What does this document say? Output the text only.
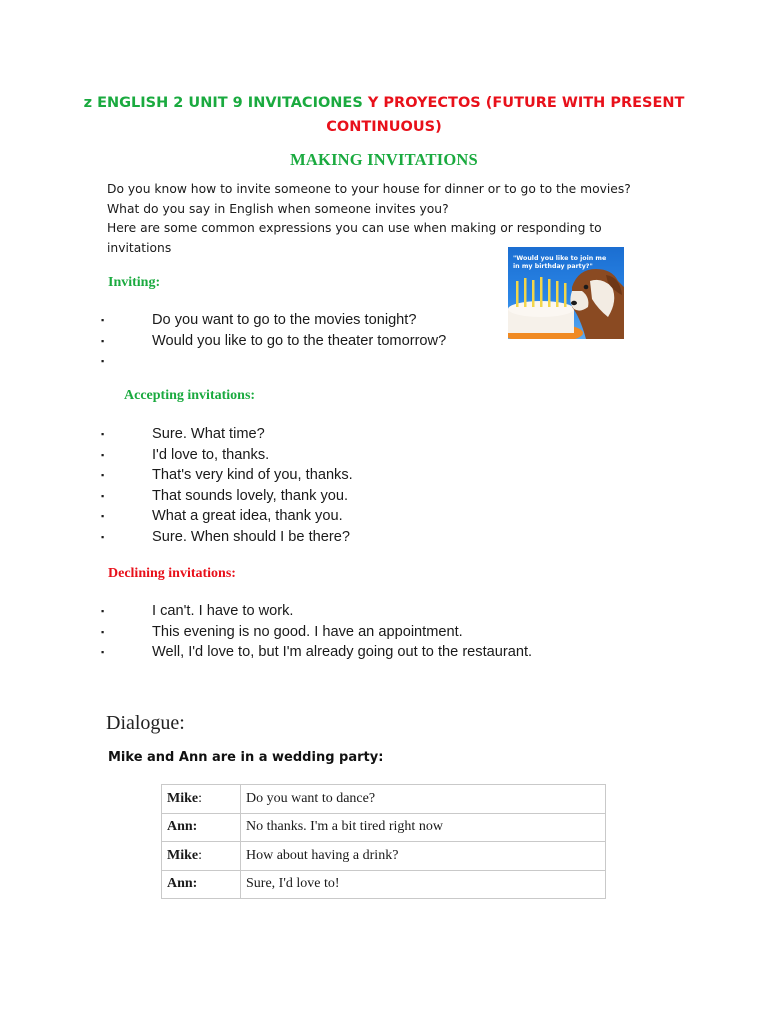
z ENGLISH 2 UNIT 9 INVITACIONES Y PROYECTOS (FUTURE WITH PRESENT
CONTINUOUS)
MAKING INVITATIONS
Do you know how to invite someone to your house for dinner or to go to the movies?
What do you say in English when someone invites you?
Here are some common expressions you can use when making or responding to
invitations
"Would you like to join me
in my birthday party?"
Inviting:
▪	Do you want to go to the movies tonight?
▪	Would you like to go to the theater tomorrow?
▪
Accepting invitations:
▪	Sure. What time?
▪	I'd love to, thanks.
▪	That's very kind of you, thanks.
▪	That sounds lovely, thank you.
▪	What a great idea, thank you.
▪	Sure. When should I be there?
Declining invitations:
▪	I can't. I have to work.
▪	This evening is no good. I have an appointment.
▪	Well, I'd love to, but I'm already going out to the restaurant.
Dialogue:
Mike and Ann are in a wedding party:
Mike:	Do you want to dance?
Ann:	No thanks. I'm a bit tired right now
Mike:	How about having a drink?
Ann:	Sure, I'd love to!
